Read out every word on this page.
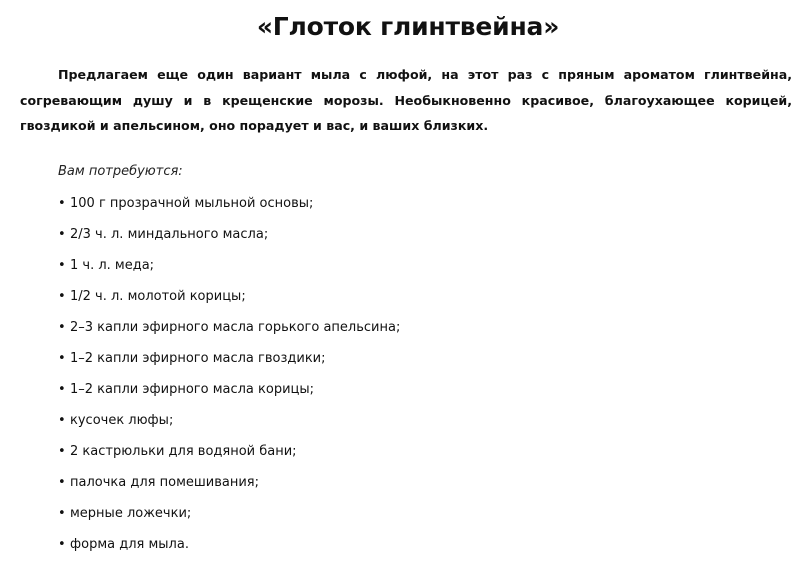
«Глоток глинтвейна»

Предлагаем еще один вариант мыла с люфой, на этот раз с пряным ароматом глинтвейна, согревающим душу и в крещенские морозы. Необыкновенно красивое, благоухающее корицей, гвоздикой и апельсином, оно порадует и вас, и ваших близких.

Вам потребуются:
• 100 г прозрачной мыльной основы;
• 2/3 ч. л. миндального масла;
• 1 ч. л. меда;
• 1/2 ч. л. молотой корицы;
• 2–3 капли эфирного масла горького апельсина;
• 1–2 капли эфирного масла гвоздики;
• 1–2 капли эфирного масла корицы;
• кусочек люфы;
• 2 кастрюльки для водяной бани;
• палочка для помешивания;
• мерные ложечки;
• форма для мыла.
